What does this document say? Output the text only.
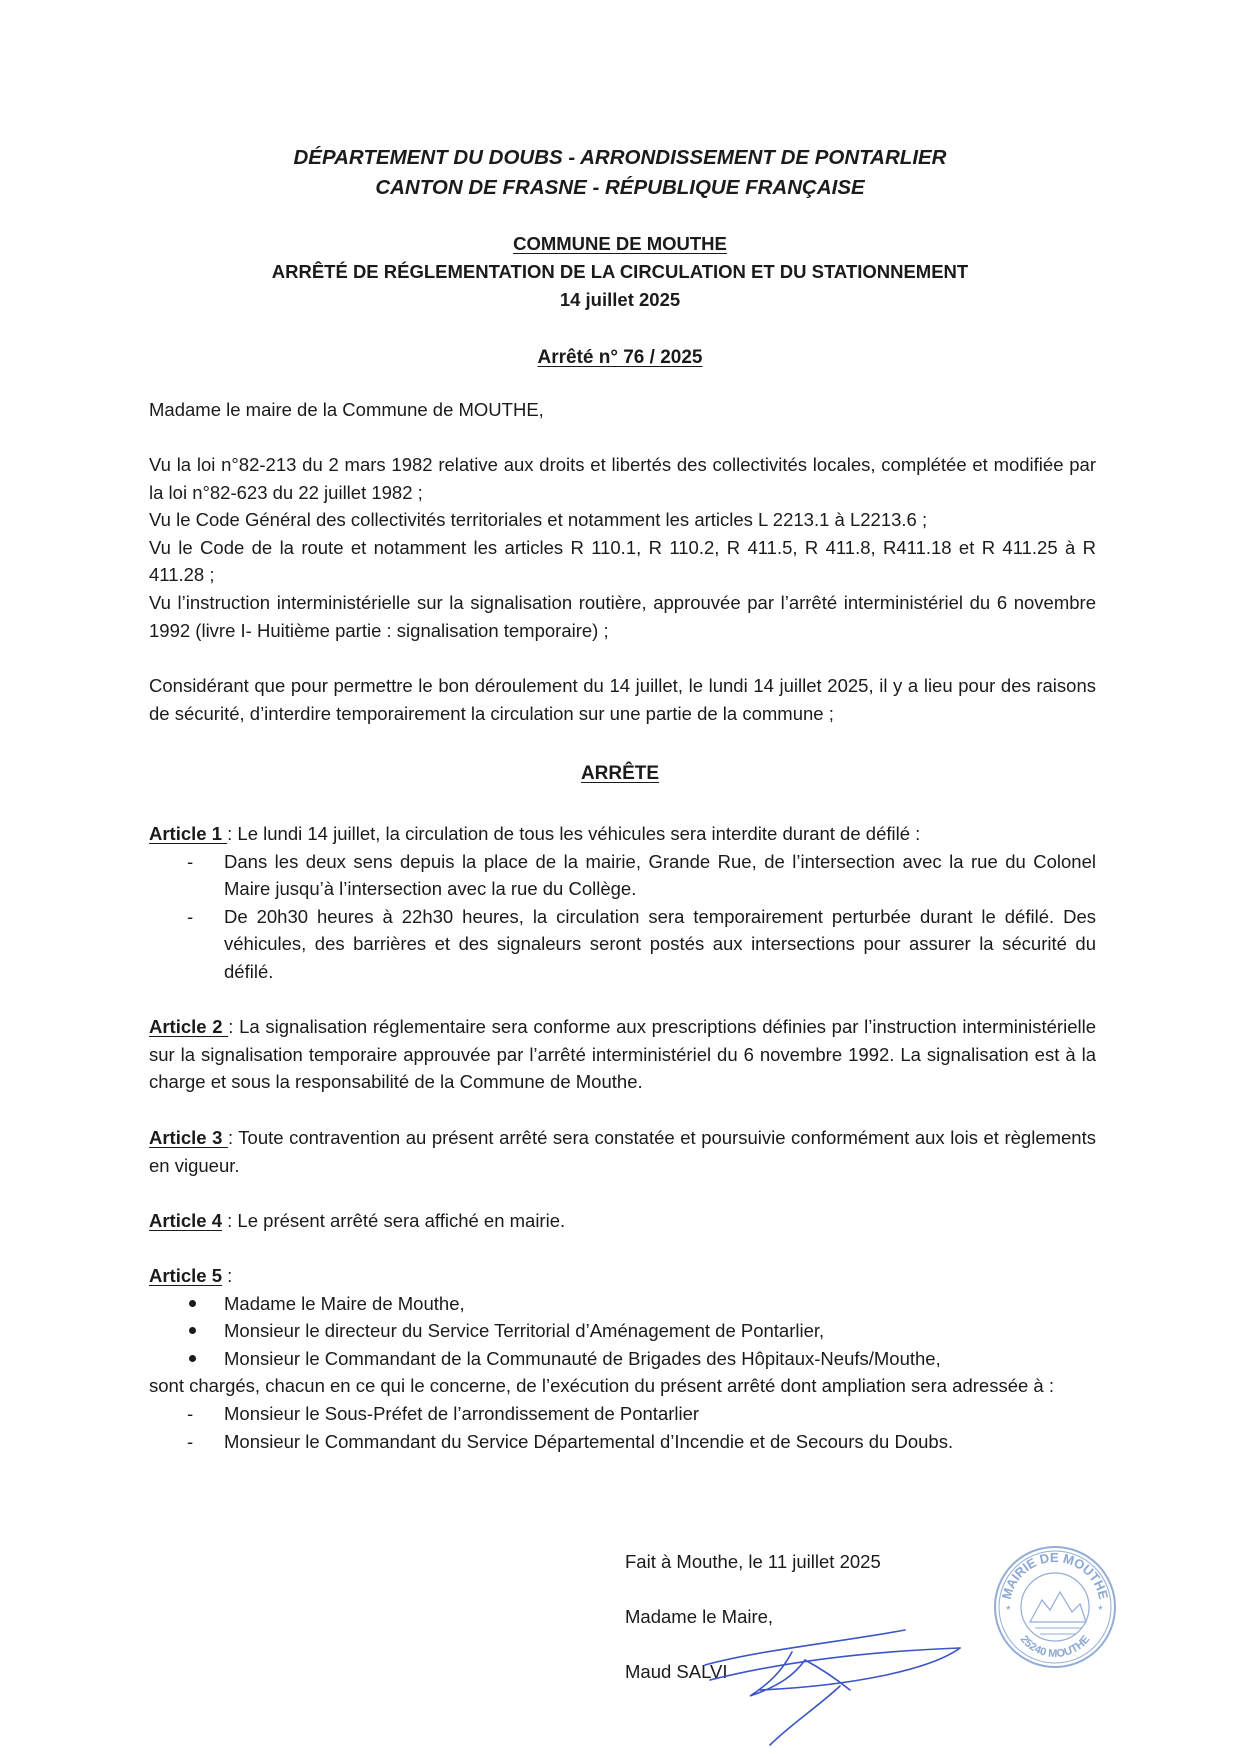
DÉPARTEMENT DU DOUBS - ARRONDISSEMENT DE PONTARLIER
CANTON DE FRASNE - RÉPUBLIQUE FRANÇAISE
COMMUNE DE MOUTHE
ARRÊTÉ DE RÉGLEMENTATION DE LA CIRCULATION ET DU STATIONNEMENT
14 juillet 2025
Arrêté n° 76 / 2025

Madame le maire de la Commune de MOUTHE,

Vu la loi n°82-213 du 2 mars 1982 relative aux droits et libertés des collectivités locales, complétée et modifiée par la loi n°82-623 du 22 juillet 1982 ;

Vu le Code Général des collectivités territoriales et notamment les articles L 2213.1 à L2213.6 ;

Vu le Code de la route et notamment les articles R 110.1, R 110.2, R 411.5, R 411.8, R411.18 et R 411.25 à R 411.28 ;

Vu l’instruction interministérielle sur la signalisation routière, approuvée par l’arrêté interministériel du 6 novembre 1992 (livre I- Huitième partie : signalisation temporaire) ;

Considérant que pour permettre le bon déroulement du 14 juillet, le lundi 14 juillet 2025, il y a lieu pour des raisons de sécurité, d’interdire temporairement la circulation sur une partie de la commune ;

ARRÊTE

Article 1 : Le lundi 14 juillet, la circulation de tous les véhicules sera interdite durant de défilé :

- Dans les deux sens depuis la place de la mairie, Grande Rue, de l’intersection avec la rue du Colonel Maire jusqu’à l’intersection avec la rue du Collège.
- De 20h30 heures à 22h30 heures, la circulation sera temporairement perturbée durant le défilé. Des véhicules, des barrières et des signaleurs seront postés aux intersections pour assurer la sécurité du défilé.

Article 2 : La signalisation réglementaire sera conforme aux prescriptions définies par l’instruction interministérielle sur la signalisation temporaire approuvée par l’arrêté interministériel du 6 novembre 1992. La signalisation est à la charge et sous la responsabilité de la Commune de Mouthe.

Article 3 : Toute contravention au présent arrêté sera constatée et poursuivie conformément aux lois et règlements en vigueur.

Article 4 : Le présent arrêté sera affiché en mairie.

Article 5 :

Madame le Maire de Mouthe,
Monsieur le directeur du Service Territorial d’Aménagement de Pontarlier,
Monsieur le Commandant de la Communauté de Brigades des Hôpitaux-Neufs/Mouthe,

sont chargés, chacun en ce qui le concerne, de l’exécution du présent arrêté dont ampliation sera adressée à :

- Monsieur le Sous-Préfet de l’arrondissement de Pontarlier
- Monsieur le Commandant du Service Départemental d’Incendie et de Secours du Doubs.
Fait à Mouthe, le 11 juillet 2025
Madame le Maire,
Maud SALVI
MAIRIE DE MOUTHE
25240 MOUTHE
*	*
